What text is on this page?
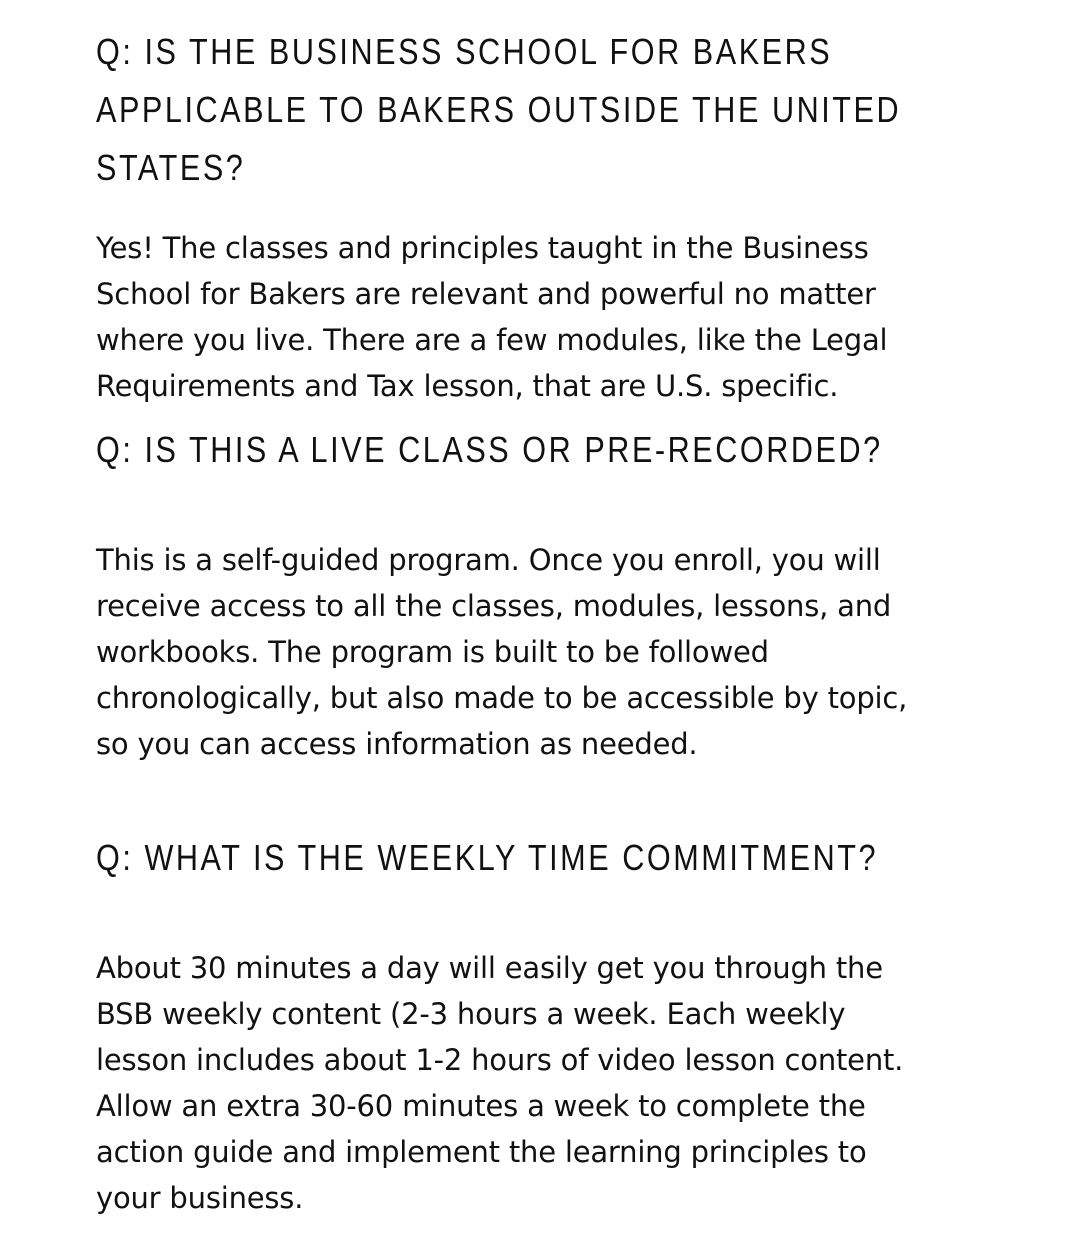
Q: IS THE BUSINESS SCHOOL FOR BAKERS APPLICABLE TO BAKERS OUTSIDE THE UNITED STATES?

Yes! The classes and principles taught in the Business School for Bakers are relevant and powerful no matter where you live. There are a few modules, like the Legal Requirements and Tax lesson, that are U.S. specific.

Q: IS THIS A LIVE CLASS OR PRE-RECORDED?

This is a self-guided program. Once you enroll, you will receive access to all the classes, modules, lessons, and workbooks. The program is built to be followed chronologically, but also made to be accessible by topic, so you can access information as needed.

Q: WHAT IS THE WEEKLY TIME COMMITMENT?

About 30 minutes a day will easily get you through the BSB weekly content (2-3 hours a week. Each weekly lesson includes about 1-2 hours of video lesson content. Allow an extra 30-60 minutes a week to complete the action guide and implement the learning principles to your business.
